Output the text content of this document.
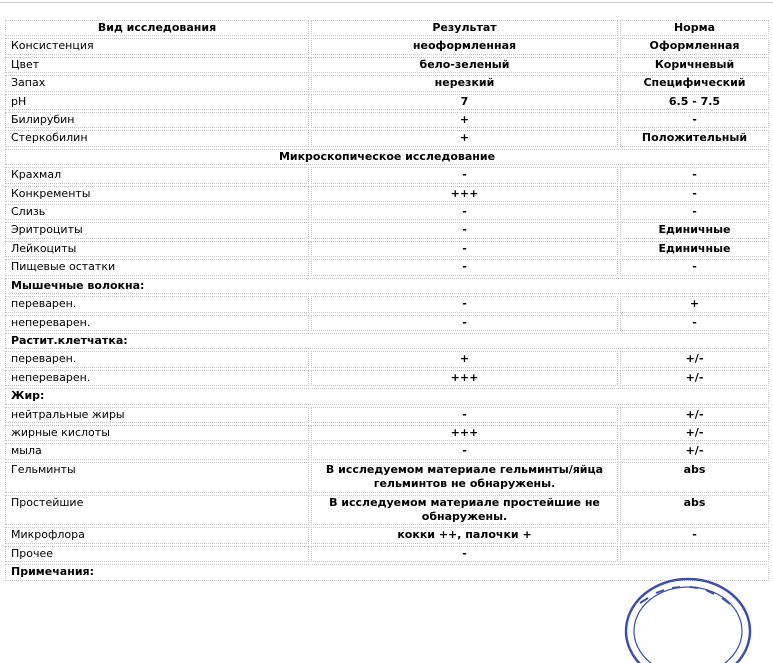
Вид исследования	Результат	Норма
Консистенция	неоформленная	Оформленная
Цвет	бело-зеленый	Коричневый
Запах	нерезкий	Специфический
pH	7	6.5 - 7.5
Билирубин	+	-
Стеркобилин	+	Положительный
Микроскопическое исследование		
Крахмал	-	-
Конкременты	+++	-
Слизь	-	-
Эритроциты	-	Единичные
Лейкоциты	-	Единичные
Пищевые остатки	-	-
Мышечные волокна:		
переварен.	-	+
непереварен.	-	-
Растит.клетчатка:		
переварен.	+	+/-
непереварен.	+++	+/-
Жир:		
нейтральные жиры	-	+/-
жирные кислоты	+++	+/-
мыла	-	+/-
Гельминты	В исследуемом материале гельминты/яйца гельминтов не обнаружены.	abs
Простейшие	В исследуемом материале простейшие не обнаружены.	abs
Микрофлора	кокки ++, палочки +	-
Прочее	-	
Примечания:		
